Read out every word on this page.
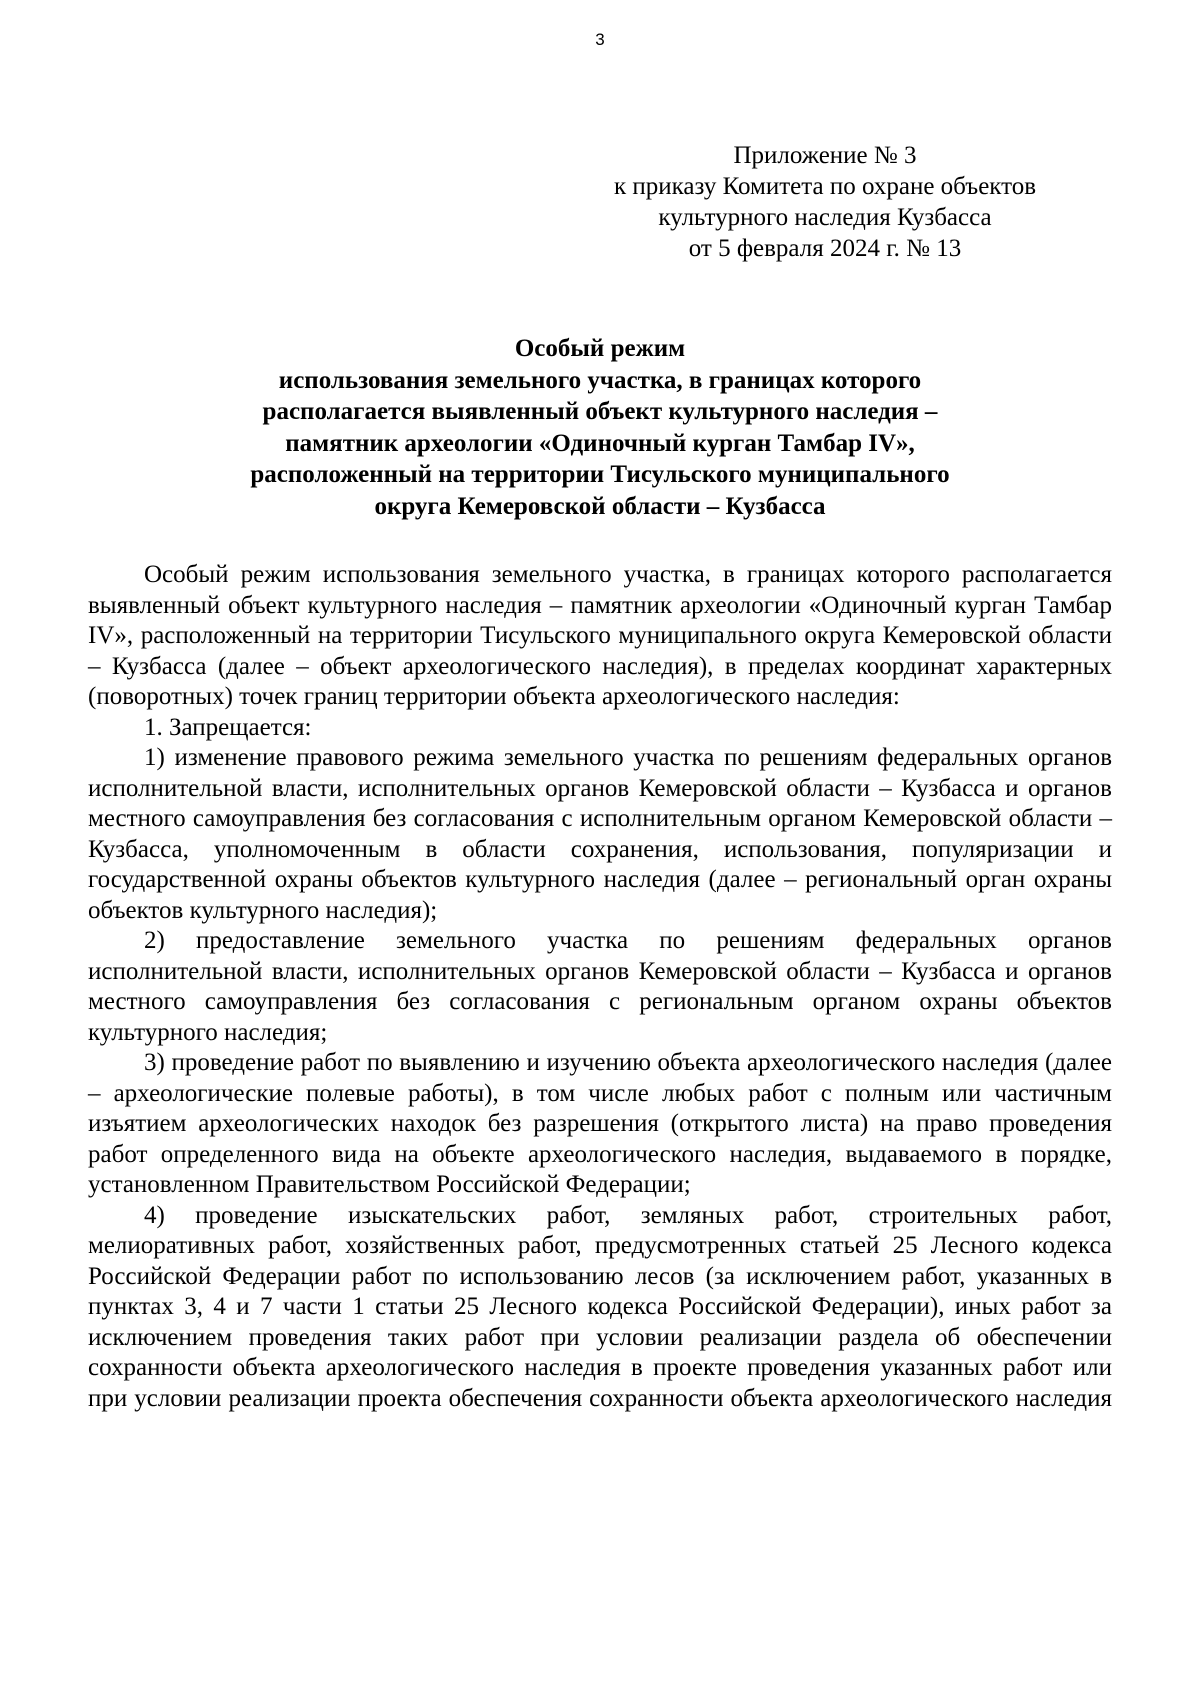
3
Приложение № 3
к приказу Комитета по охране объектов
культурного наследия Кузбасса
от 5 февраля 2024 г. № 13
Особый режим
использования земельного участка, в границах которого
располагается выявленный объект культурного наследия –
памятник археологии «Одиночный курган Тамбар IV»,
расположенный на территории Тисульского муниципального
округа Кемеровской области – Кузбасса

Особый режим использования земельного участка, в границах которого располагается выявленный объект культурного наследия – памятник археологии «Одиночный курган Тамбар IV», расположенный на территории Тисульского муниципального округа Кемеровской области – Кузбасса (далее – объект археологического наследия), в пределах координат характерных (поворотных) точек границ территории объекта археологического наследия:

1. Запрещается:

1) изменение правового режима земельного участка по решениям федеральных органов исполнительной власти, исполнительных органов Кемеровской области – Кузбасса и органов местного самоуправления без согласования с исполнительным органом Кемеровской области – Кузбасса, уполномоченным в области сохранения, использования, популяризации и государственной охраны объектов культурного наследия (далее – региональный орган охраны объектов культурного наследия);

2) предоставление земельного участка по решениям федеральных органов исполнительной власти, исполнительных органов Кемеровской области – Кузбасса и органов местного самоуправления без согласования с региональным органом охраны объектов культурного наследия;

3) проведение работ по выявлению и изучению объекта археологического наследия (далее – археологические полевые работы), в том числе любых работ с полным или частичным изъятием археологических находок без разрешения (открытого листа) на право проведения работ определенного вида на объекте археологического наследия, выдаваемого в порядке, установленном Правительством Российской Федерации;

4) проведение изыскательских работ, земляных работ, строительных работ, мелиоративных работ, хозяйственных работ, предусмотренных статьей 25 Лесного кодекса Российской Федерации работ по использованию лесов (за исключением работ, указанных в пунктах 3, 4 и 7 части 1 статьи 25 Лесного кодекса Российской Федерации), иных работ за исключением проведения таких работ при условии реализации раздела об обеспечении сохранности объекта археологического наследия в проекте проведения указанных работ или при условии реализации проекта обеспечения сохранности объекта археологического наследия
